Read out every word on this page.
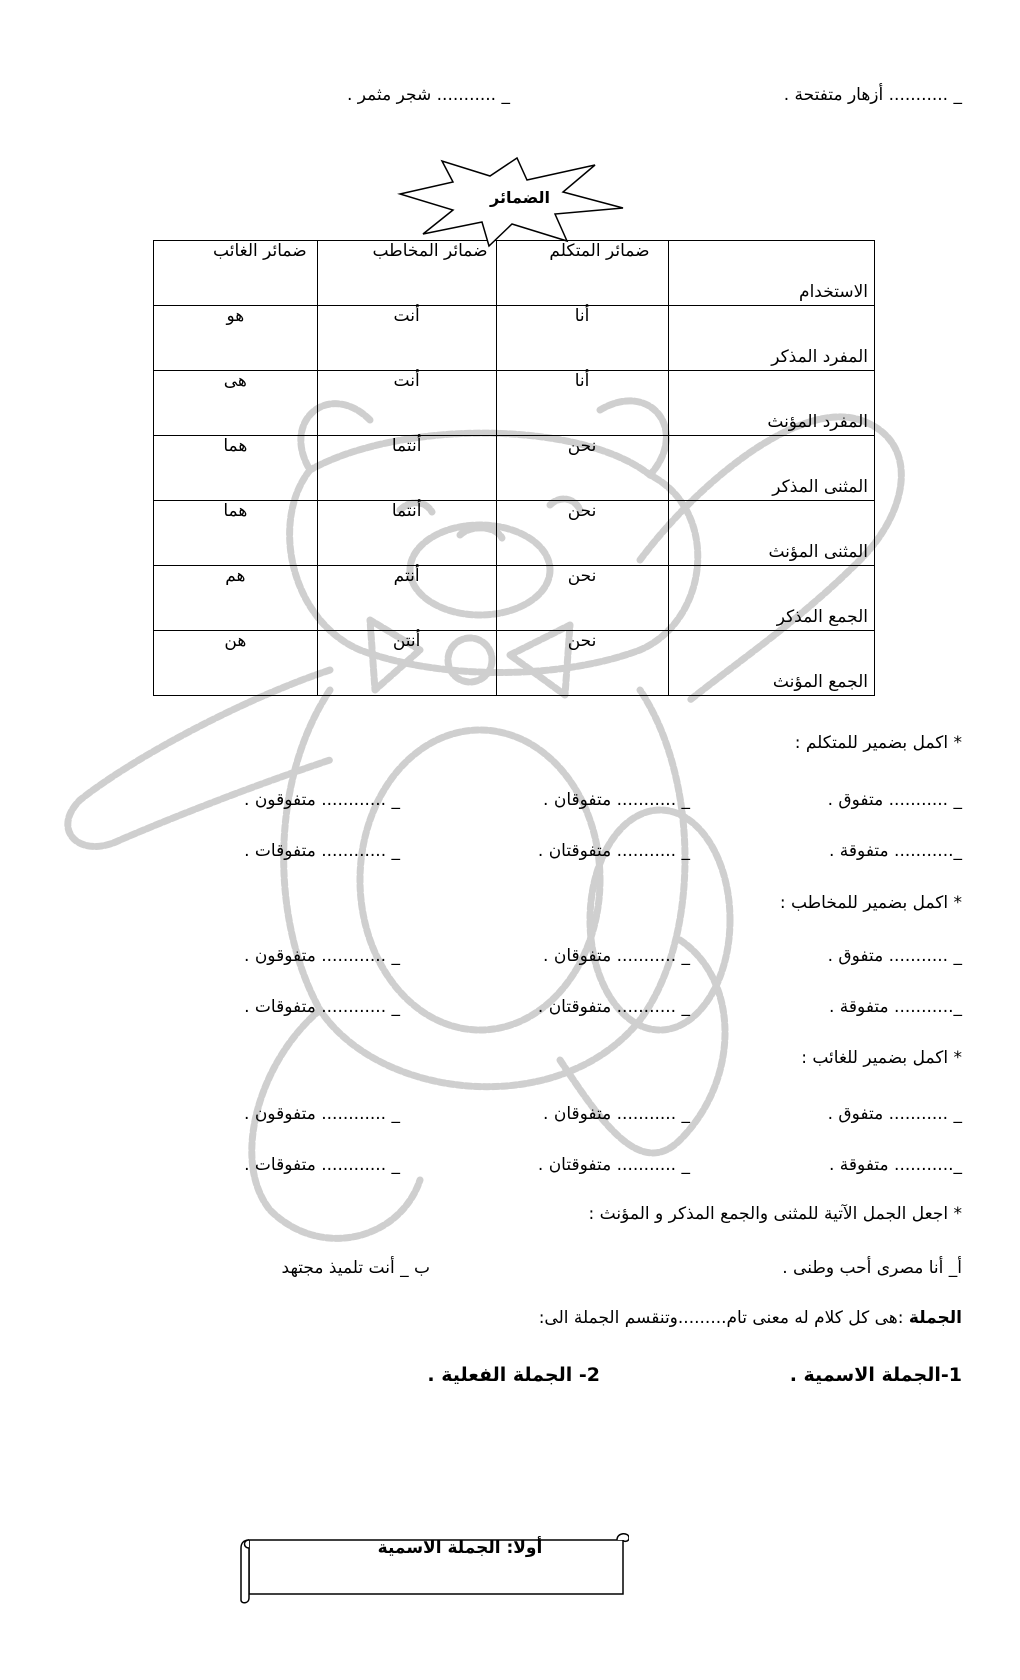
_ ........... أزهار متفتحة .
_ ........... شجر مثمر .
الضمائر
الاستخدام	ضمائر المتكلم	ضمائر المخاطب	ضمائر الغائب
المفرد المذكر	أنا	أنت	هو
المفرد المؤنث	أنا	أنت	هى
المثنى المذكر	نحن	أنتما	هما
المثنى المؤنث	نحن	أنتما	هما
الجمع المذكر	نحن	أنتم	هم
الجمع المؤنث	نحن	أنتن	هن
* اكمل بضمير للمتكلم :
_ ........... متفوق .
_ ........... متفوقان .
_ ............ متفوقون .
_........... متفوقة .
_ ........... متفوقتان .
_ ............ متفوقات .
* اكمل بضمير للمخاطب :
_ ........... متفوق .
_ ........... متفوقان .
_ ............ متفوقون .
_........... متفوقة .
_ ........... متفوقتان .
_ ............ متفوقات .
* اكمل بضمير للغائب :
_ ........... متفوق .
_ ........... متفوقان .
_ ............ متفوقون .
_........... متفوقة .
_ ........... متفوقتان .
_ ............ متفوقات .
* اجعل الجمل الآتية للمثنى والجمع المذكر و المؤنث :
أ_ أنا مصرى أحب وطنى .
ب _ أنت تلميذ مجتهد
الجملة :هى كل كلام له معنى تام.........وتنقسم الجملة الى:
1-الجملة الاسمية .
2- الجملة الفعلية .
أولا: الجملة الاسمية
